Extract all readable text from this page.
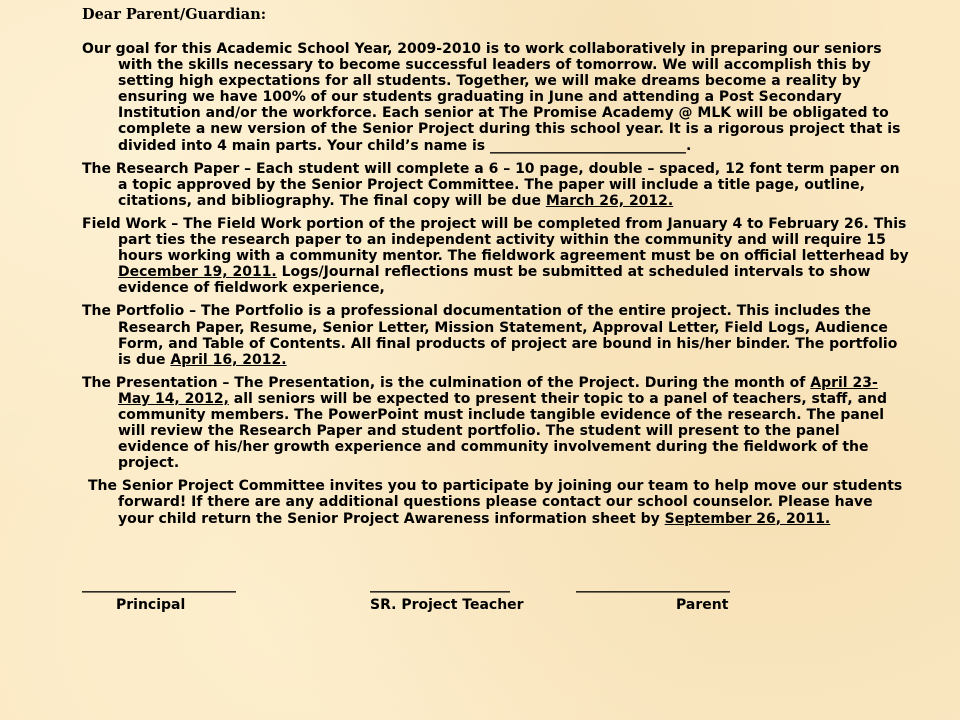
Dear Parent/Guardian:

Our goal for this Academic School Year, 2009-2010 is to work collaboratively in preparing our seniors with the skills necessary to become successful leaders of tomorrow. We will accomplish this by setting high expectations for all students. Together, we will make dreams become a reality by ensuring we have 100% of our students graduating in June and attending a Post Secondary Institution and/or the workforce. Each senior at The Promise Academy @ MLK will be obligated to complete a new version of the Senior Project during this school year. It is a rigorous project that is divided into 4 main parts. Your child’s name is ____________________________.

The Research Paper – Each student will complete a 6 – 10 page, double – spaced, 12 font term paper on a topic approved by the Senior Project Committee. The paper will include a title page, outline, citations, and bibliography. The final copy will be due March 26, 2012.

Field Work – The Field Work portion of the project will be completed from January 4 to February 26. This part ties the research paper to an independent activity within the community and will require 15 hours working with a community mentor. The fieldwork agreement must be on official letterhead by December 19, 2011. Logs/Journal reflections must be submitted at scheduled intervals to show evidence of fieldwork experience,

The Portfolio – The Portfolio is a professional documentation of the entire project. This includes the Research Paper, Resume, Senior Letter, Mission Statement, Approval Letter, Field Logs, Audience Form, and Table of Contents. All final products of project are bound in his/her binder. The portfolio is due April 16, 2012.

The Presentation – The Presentation, is the culmination of the Project. During the month of April 23- May 14, 2012, all seniors will be expected to present their topic to a panel of teachers, staff, and community members. The PowerPoint must include tangible evidence of the research. The panel will review the Research Paper and student portfolio. The student will present to the panel evidence of his/her growth experience and community involvement during the fieldwork of the project.

The Senior Project Committee invites you to participate by joining our team to help move our students forward! If there are any additional questions please contact our school counselor. Please have your child return the Senior Project Awareness information sheet by September 26, 2011.

______________________
Principal
____________________
SR. Project Teacher
______________________
Parent
